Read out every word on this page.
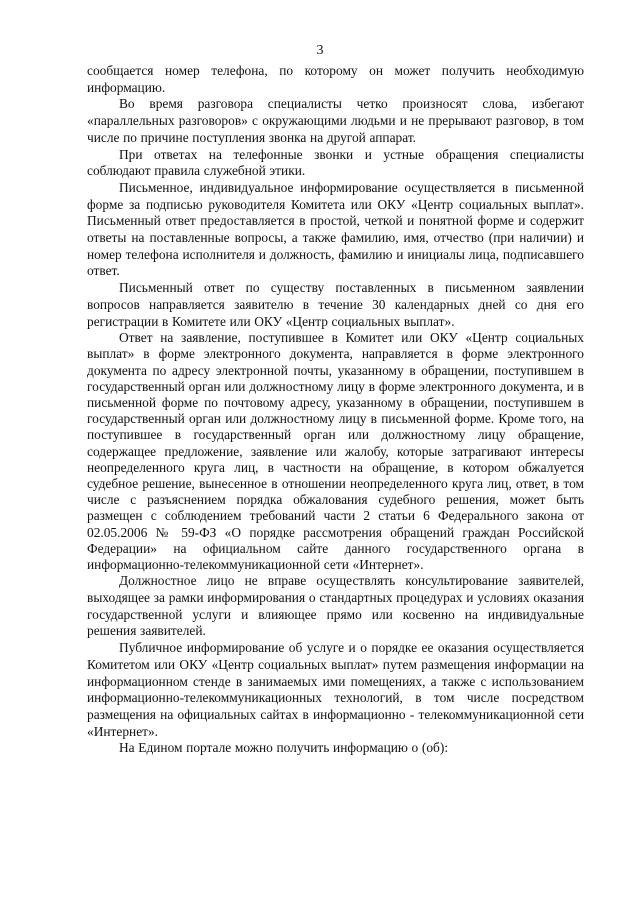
3

сообщается номер телефона, по которому он может получить необходимую информацию.

Во время разговора специалисты четко произносят слова, избегают «параллельных разговоров» с окружающими людьми и не прерывают разговор, в том числе по причине поступления звонка на другой аппарат.

При ответах на телефонные звонки и устные обращения специалисты соблюдают правила служебной этики.

Письменное, индивидуальное информирование осуществляется в письменной форме за подписью руководителя Комитета или ОКУ «Центр социальных выплат». Письменный ответ предоставляется в простой, четкой и понятной форме и содержит ответы на поставленные вопросы, а также фамилию, имя, отчество (при наличии) и номер телефона исполнителя и должность, фамилию и инициалы лица, подписавшего ответ.

Письменный ответ по существу поставленных в письменном заявлении вопросов направляется заявителю в течение 30 календарных дней со дня его регистрации в Комитете или ОКУ «Центр социальных выплат».

Ответ на заявление, поступившее в Комитет или ОКУ «Центр социальных выплат» в форме электронного документа, направляется в форме электронного документа по адресу электронной почты, указанному в обращении, поступившем в государственный орган или должностному лицу в форме электронного документа, и в письменной форме по почтовому адресу, указанному в обращении, поступившем в государственный орган или должностному лицу в письменной форме. Кроме того, на поступившее в государственный орган или должностному лицу обращение, содержащее предложение, заявление или жалобу, которые затрагивают интересы неопределенного круга лиц, в частности на обращение, в котором обжалуется судебное решение, вынесенное в отношении неопределенного круга лиц, ответ, в том числе с разъяснением порядка обжалования судебного решения, может быть размещен с соблюдением требований части 2 статьи 6 Федерального закона от 02.05.2006 № 59-ФЗ «О порядке рассмотрения обращений граждан Российской Федерации» на официальном сайте данного государственного органа в информационно-телекоммуникационной сети «Интернет».

Должностное лицо не вправе осуществлять консультирование заявителей, выходящее за рамки информирования о стандартных процедурах и условиях оказания государственной услуги и влияющее прямо или косвенно на индивидуальные решения заявителей.

Публичное информирование об услуге и о порядке ее оказания осуществляется Комитетом или ОКУ «Центр социальных выплат» путем размещения информации на информационном стенде в занимаемых ими помещениях, а также с использованием информационно-телекоммуникационных технологий, в том числе посредством размещения на официальных сайтах в информационно - телекоммуникационной сети «Интернет».

На Едином портале можно получить информацию о (об):
